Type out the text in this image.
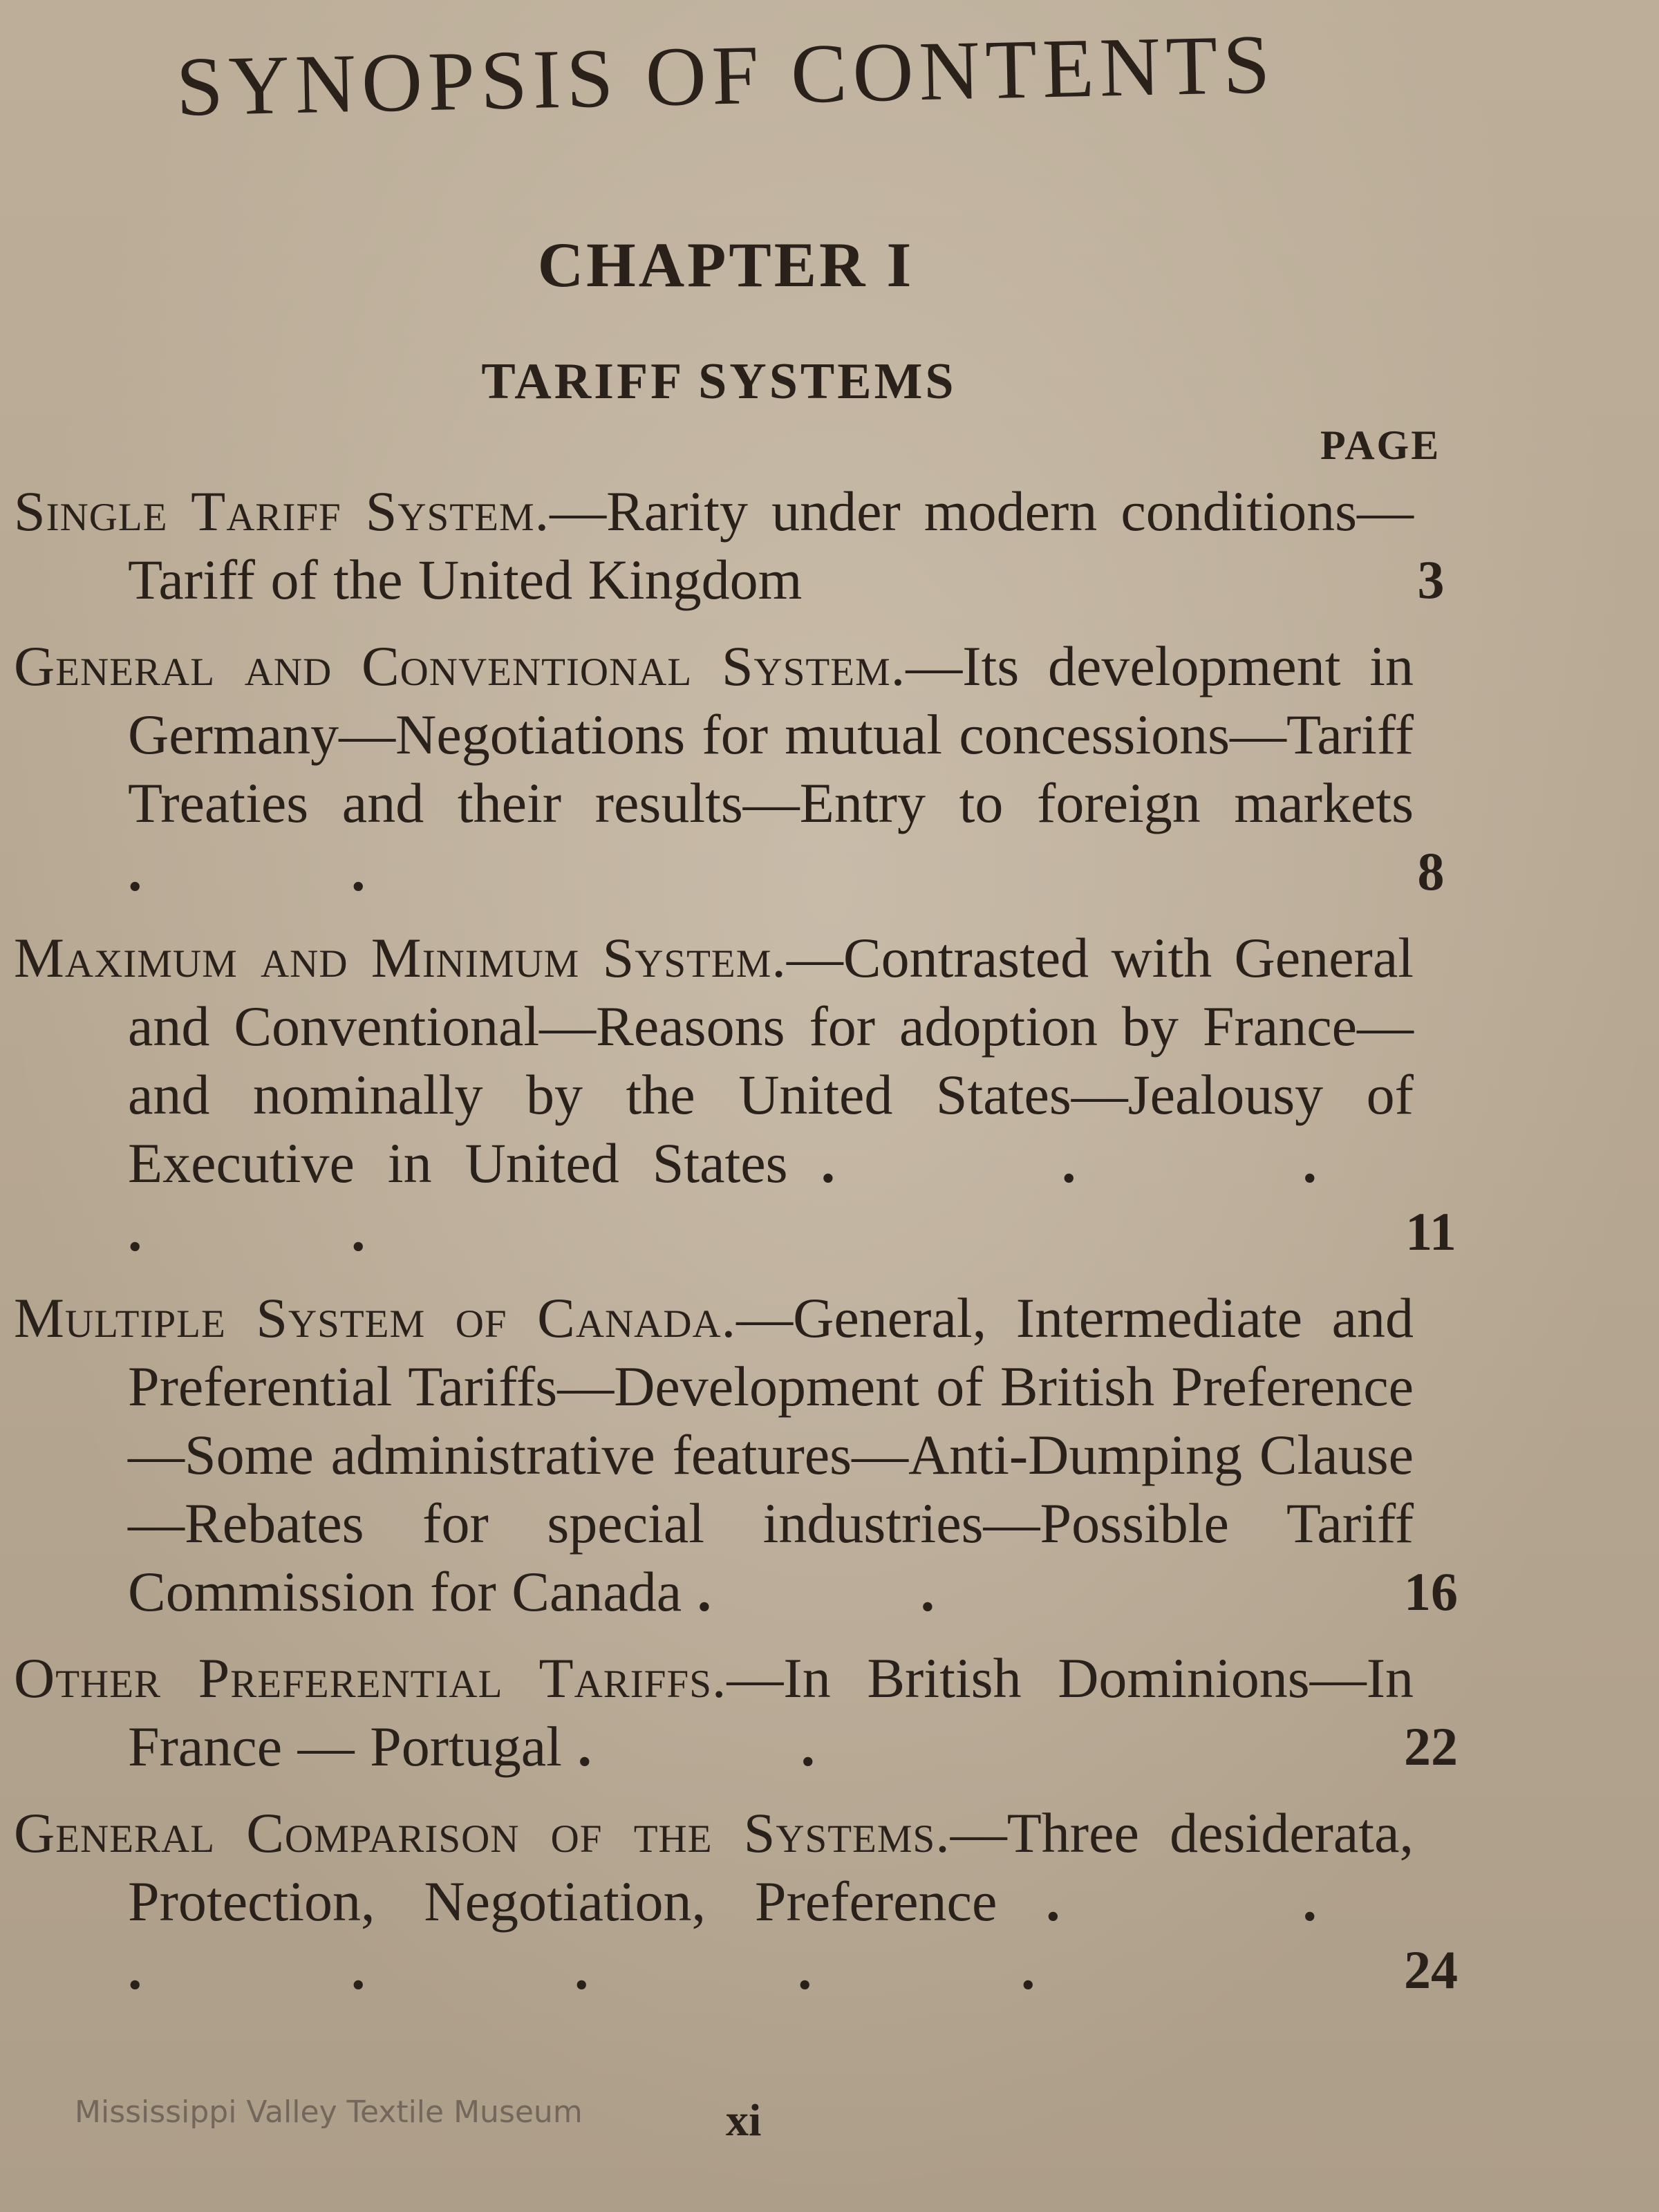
SYNOPSIS OF CONTENTS
CHAPTER I
TARIFF SYSTEMS
PAGE
Single Tariff System.—Rarity under modern conditions—Tariff of the United Kingdom	3
General and Conventional System.—Its development in Germany—Negotiations for mutual concessions—Tariff Treaties and their results—Entry to foreign markets . .	8
Maximum and Minimum System.—Contrasted with General and Conventional—Reasons for adoption by France—and nominally by the United States—Jealousy of Executive in United States . . . . .	11
Multiple System of Canada.—General, Intermediate and Preferential Tariffs—Development of British Preference—Some administrative features—Anti-Dumping Clause—Rebates for special industries—Possible Tariff Commission for Canada . .	16
Other Preferential Tariffs.—In British Dominions—In France — Portugal . .	22
General Comparison of the Systems.—Three desiderata, Protection, Negotiation, Preference . . . . . . .	24
Mississippi Valley Textile Museum	xi
